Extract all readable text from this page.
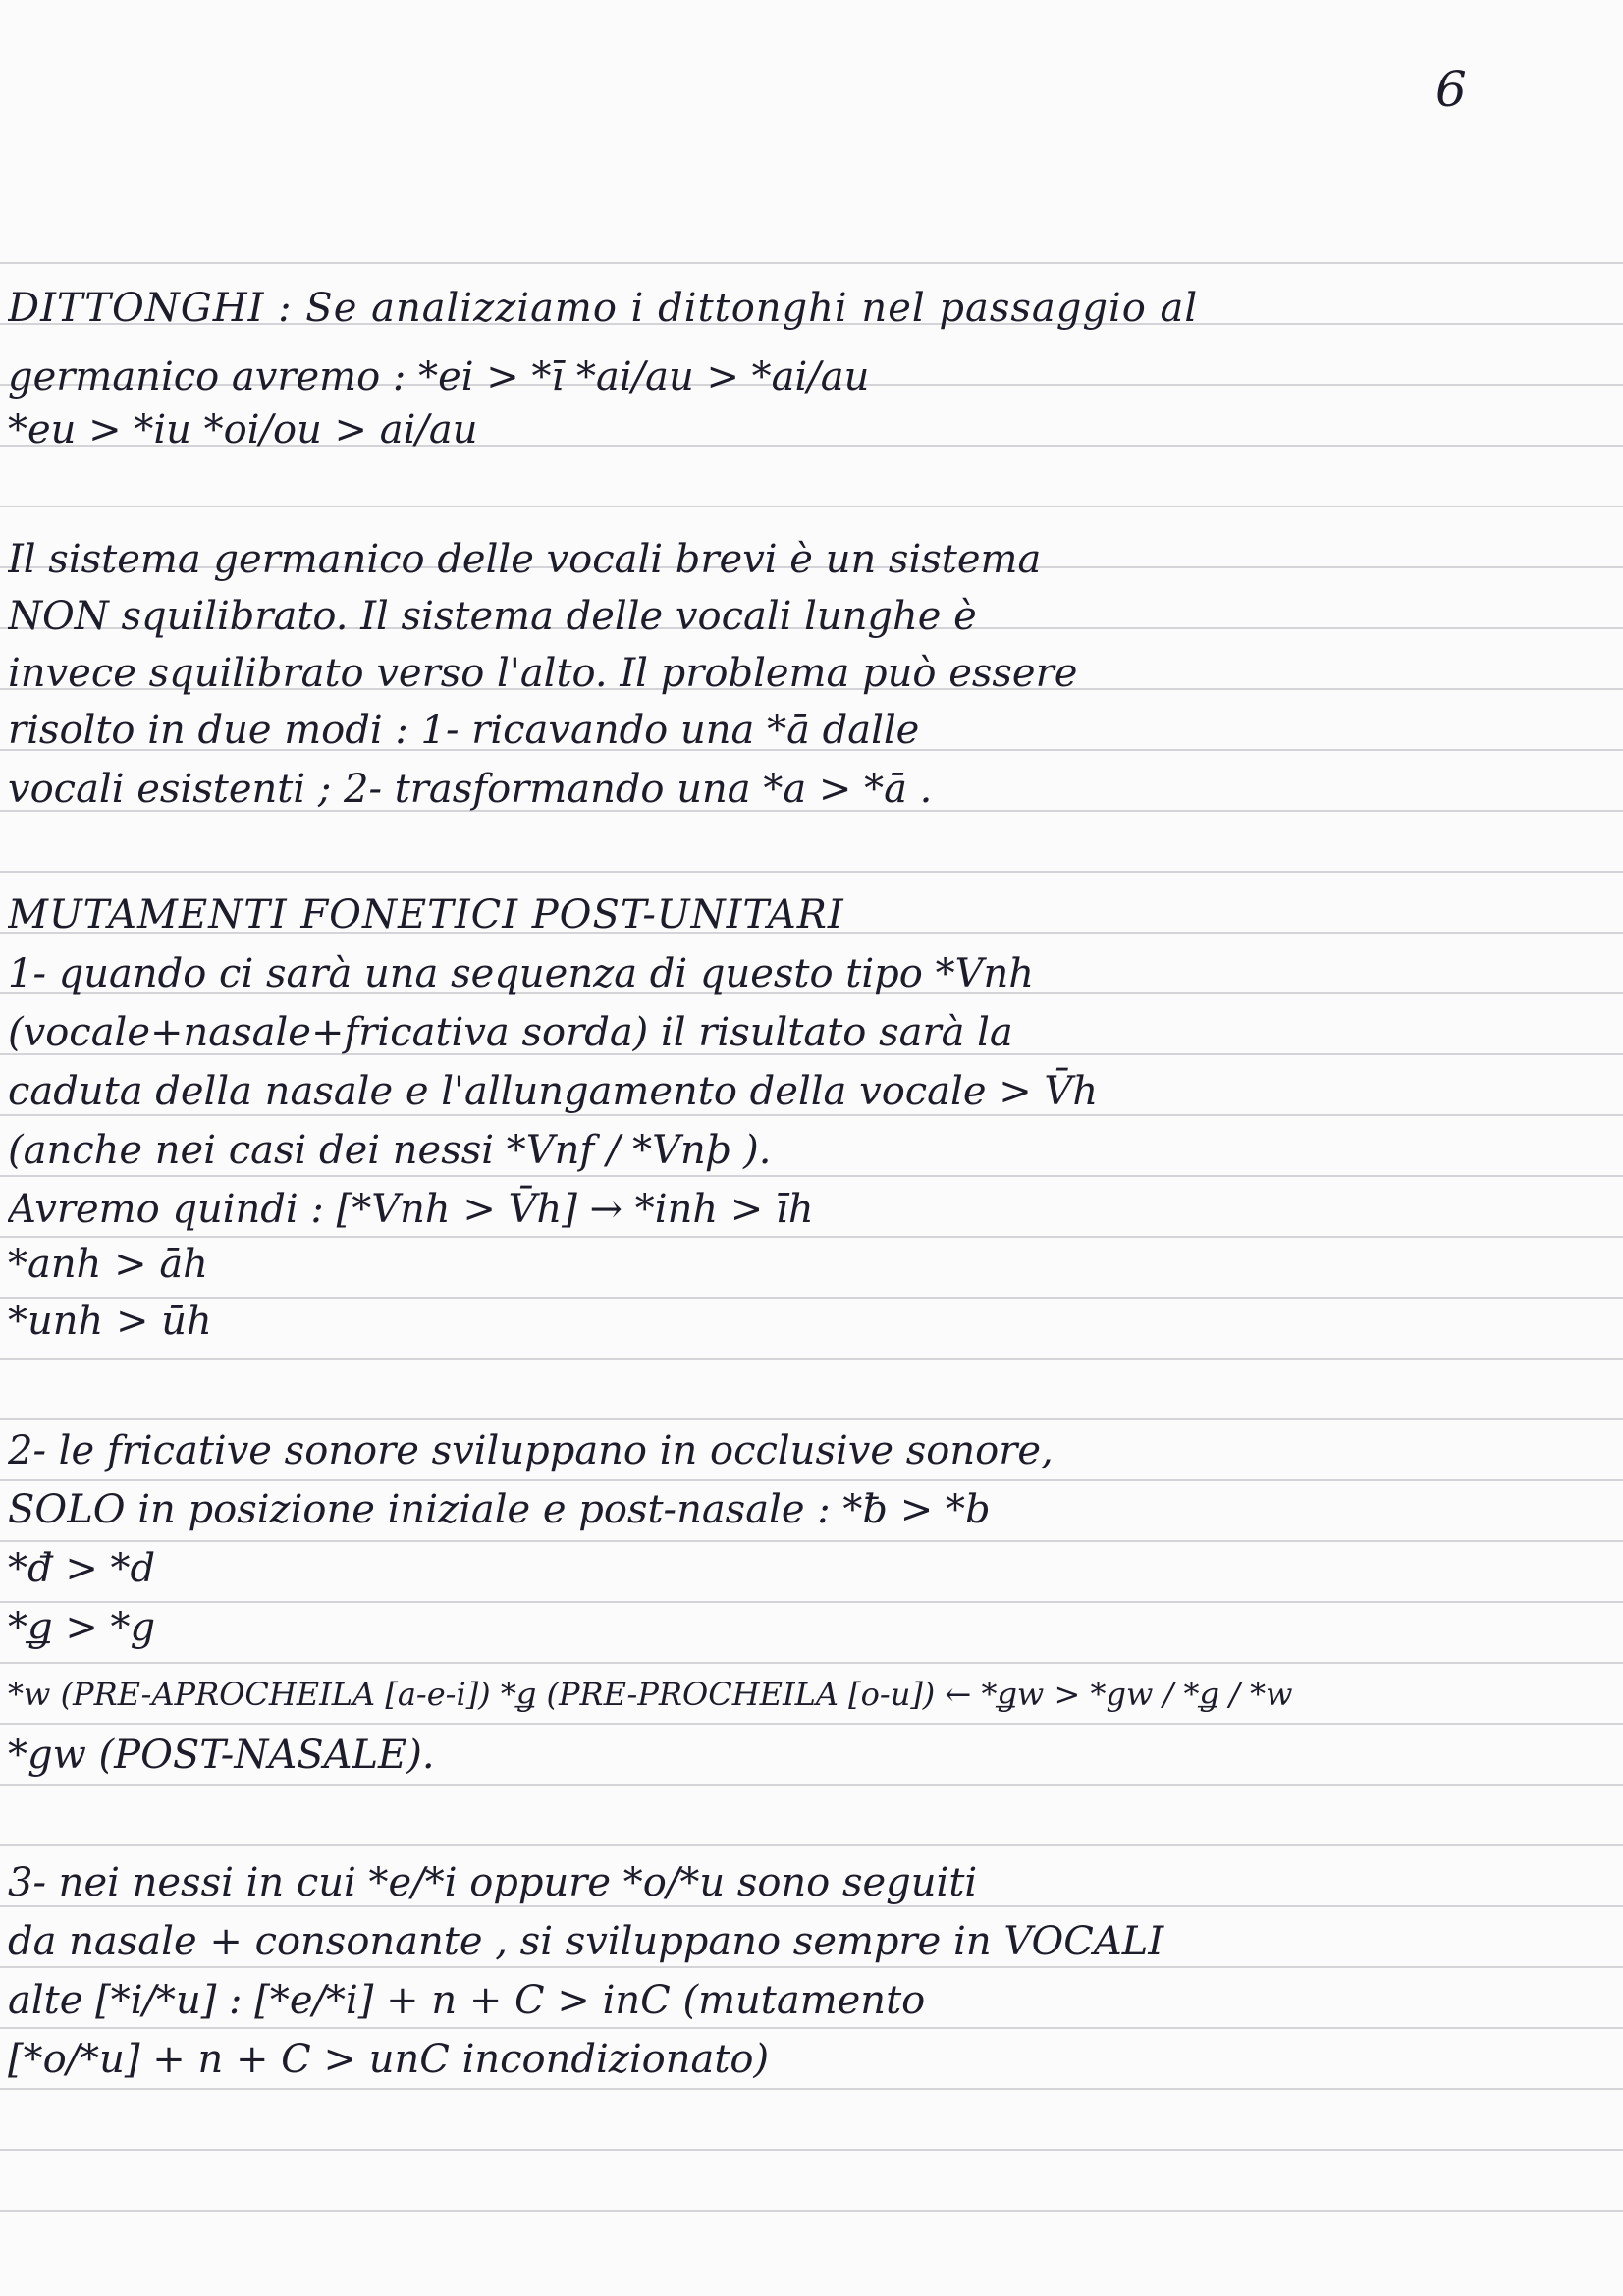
6
DITTONGHI : Se analizziamo i dittonghi nel passaggio al
germanico avremo : *ei > *ī *ai/au > *ai/au
*eu > *iu *oi/ou > ai/au
Il sistema germanico delle vocali brevi è un sistema
NON squilibrato. Il sistema delle vocali lunghe è
invece squilibrato verso l'alto. Il problema può essere
risolto in due modi : 1- ricavando una *ā dalle
vocali esistenti ; 2- trasformando una *a > *ā .
MUTAMENTI FONETICI POST-UNITARI
1- quando ci sarà una sequenza di questo tipo *Vnh
(vocale+nasale+fricativa sorda) il risultato sarà la
caduta della nasale e l'allungamento della vocale > V̄h
(anche nei casi dei nessi *Vnf / *Vnþ ).
Avremo quindi : [*Vnh > V̄h] → *inh > īh
*anh > āh
*unh > ūh
2- le fricative sonore sviluppano in occlusive sonore,
SOLO in posizione iniziale e post-nasale : *ƀ > *b
*đ > *d
*ǥ > *g
*w (PRE-APROCHEILA [a-e-i]) *ǥ (PRE-PROCHEILA [o-u]) ← *ǥw > *gw / *ǥ / *w
*gw (POST-NASALE).
3- nei nessi in cui *e/*i oppure *o/*u sono seguiti
da nasale + consonante , si sviluppano sempre in VOCALI
alte [*i/*u] : [*e/*i] + n + C > inC (mutamento
[*o/*u] + n + C > unC incondizionato)
